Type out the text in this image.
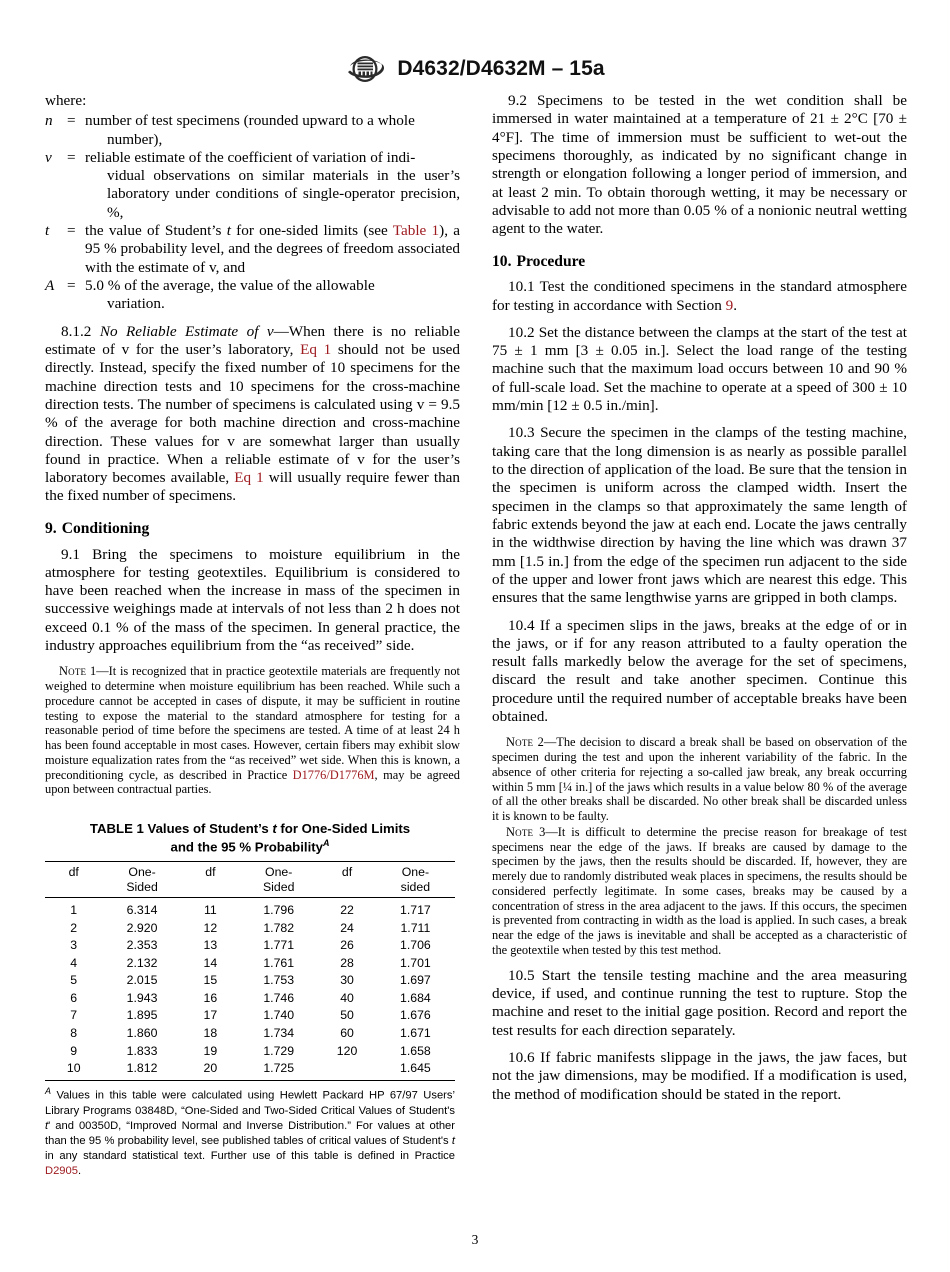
D4632/D4632M – 15a
where:
n = number of test specimens (rounded upward to a whole
number),
v	= reliable estimate of the coefficient of variation of indi-
vidual observations on similar materials in the user’s laboratory under conditions of single-operator precision, %,
t	= the value of Student’s t for one-sided limits (see Table 1), a 95 % probability level, and the degrees of freedom associated with the estimate of v, and
A = 5.0 % of the average, the value of the allowable
variation.

8.1.2 No Reliable Estimate of v—When there is no reliable estimate of v for the user’s laboratory, Eq 1 should not be used directly. Instead, specify the fixed number of 10 specimens for the machine direction tests and 10 specimens for the cross-machine direction tests. The number of specimens is calculated using v = 9.5 % of the average for both machine direction and cross-machine direction. These values for v are somewhat larger than usually found in practice. When a reliable estimate of v for the user’s laboratory becomes available, Eq 1 will usually require fewer than the fixed number of specimens.

9. Conditioning

9.1 Bring the specimens to moisture equilibrium in the atmosphere for testing geotextiles. Equilibrium is considered to have been reached when the increase in mass of the specimen in successive weighings made at intervals of not less than 2 h does not exceed 0.1 % of the mass of the specimen. In general practice, the industry approaches equilibrium from the “as received” side.

Note 1—It is recognized that in practice geotextile materials are frequently not weighed to determine when moisture equilibrium has been reached. While such a procedure cannot be accepted in cases of dispute, it may be sufficient in routine testing to expose the material to the standard atmosphere for testing for a reasonable period of time before the specimens are tested. A time of at least 24 h has been found acceptable in most cases. However, certain fibers may exhibit slow moisture equalization rates from the “as received” wet side. When this is known, a preconditioning cycle, as described in Practice D1776/D1776M, may be agreed upon between contractual parties.

TABLE 1 Values of Student’s t for One-Sided Limits
and the 95 % Probability$^A$
df	One-
Sided	df	One-
Sided	df	One-
sided
1	6.314	11	1.796	22	1.717
2	2.920	12	1.782	24	1.711
3	2.353	13	1.771	26	1.706
4	2.132	14	1.761	28	1.701
5	2.015	15	1.753	30	1.697
6	1.943	16	1.746	40	1.684
7	1.895	17	1.740	50	1.676
8	1.860	18	1.734	60	1.671
9	1.833	19	1.729	120	1.658
10	1.812	20	1.725		1.645
$^A$ Values in this table were calculated using Hewlett Packard HP 67/97 Users’ Library Programs 03848D, “One-Sided and Two-Sided Critical Values of Student's t' and 00350D, “Improved Normal and Inverse Distribution.” For values at other than the 95 % probability level, see published tables of critical values of Student's t in any standard statistical text. Further use of this table is defined in Practice D2905.

9.2 Specimens to be tested in the wet condition shall be immersed in water maintained at a temperature of 21 ± 2°C [70 ± 4°F]. The time of immersion must be sufficient to wet-out the specimens thoroughly, as indicated by no significant change in strength or elongation following a longer period of immersion, and at least 2 min. To obtain thorough wetting, it may be necessary or advisable to add not more than 0.05 % of a nonionic neutral wetting agent to the water.

10. Procedure

10.1 Test the conditioned specimens in the standard atmosphere for testing in accordance with Section 9.

10.2 Set the distance between the clamps at the start of the test at 75 ± 1 mm [3 ± 0.05 in.]. Select the load range of the testing machine such that the maximum load occurs between 10 and 90 % of full-scale load. Set the machine to operate at a speed of 300 ± 10 mm/min [12 ± 0.5 in./min].

10.3 Secure the specimen in the clamps of the testing machine, taking care that the long dimension is as nearly as possible parallel to the direction of application of the load. Be sure that the tension in the specimen is uniform across the clamped width. Insert the specimen in the clamps so that approximately the same length of fabric extends beyond the jaw at each end. Locate the jaws centrally in the widthwise direction by having the line which was drawn 37 mm [1.5 in.] from the edge of the specimen run adjacent to the side of the upper and lower front jaws which are nearest this edge. This ensures that the same lengthwise yarns are gripped in both clamps.

10.4 If a specimen slips in the jaws, breaks at the edge of or in the jaws, or if for any reason attributed to a faulty operation the result falls markedly below the average for the set of specimens, discard the result and take another specimen. Continue this procedure until the required number of acceptable breaks have been obtained.

Note 2—The decision to discard a break shall be based on observation of the specimen during the test and upon the inherent variability of the fabric. In the absence of other criteria for rejecting a so-called jaw break, any break occurring within 5 mm [¼ in.] of the jaws which results in a value below 80 % of the average of all the other breaks shall be discarded. No other break shall be discarded unless it is known to be faulty.

Note 3—It is difficult to determine the precise reason for breakage of test specimens near the edge of the jaws. If breaks are caused by damage to the specimen by the jaws, then the results should be discarded. If, however, they are merely due to randomly distributed weak places in specimens, the results should be considered perfectly legitimate. In some cases, breaks may be caused by a concentration of stress in the area adjacent to the jaws. If this occurs, the specimen is prevented from contracting in width as the load is applied. In such cases, a break near the edge of the jaws is inevitable and shall be accepted as a characteristic of the geotextile when tested by this test method.

10.5 Start the tensile testing machine and the area measuring device, if used, and continue running the test to rupture. Stop the machine and reset to the initial gage position. Record and report the test results for each direction separately.

10.6 If fabric manifests slippage in the jaws, the jaw faces, but not the jaw dimensions, may be modified. If a modification is used, the method of modification should be stated in the report.

3
